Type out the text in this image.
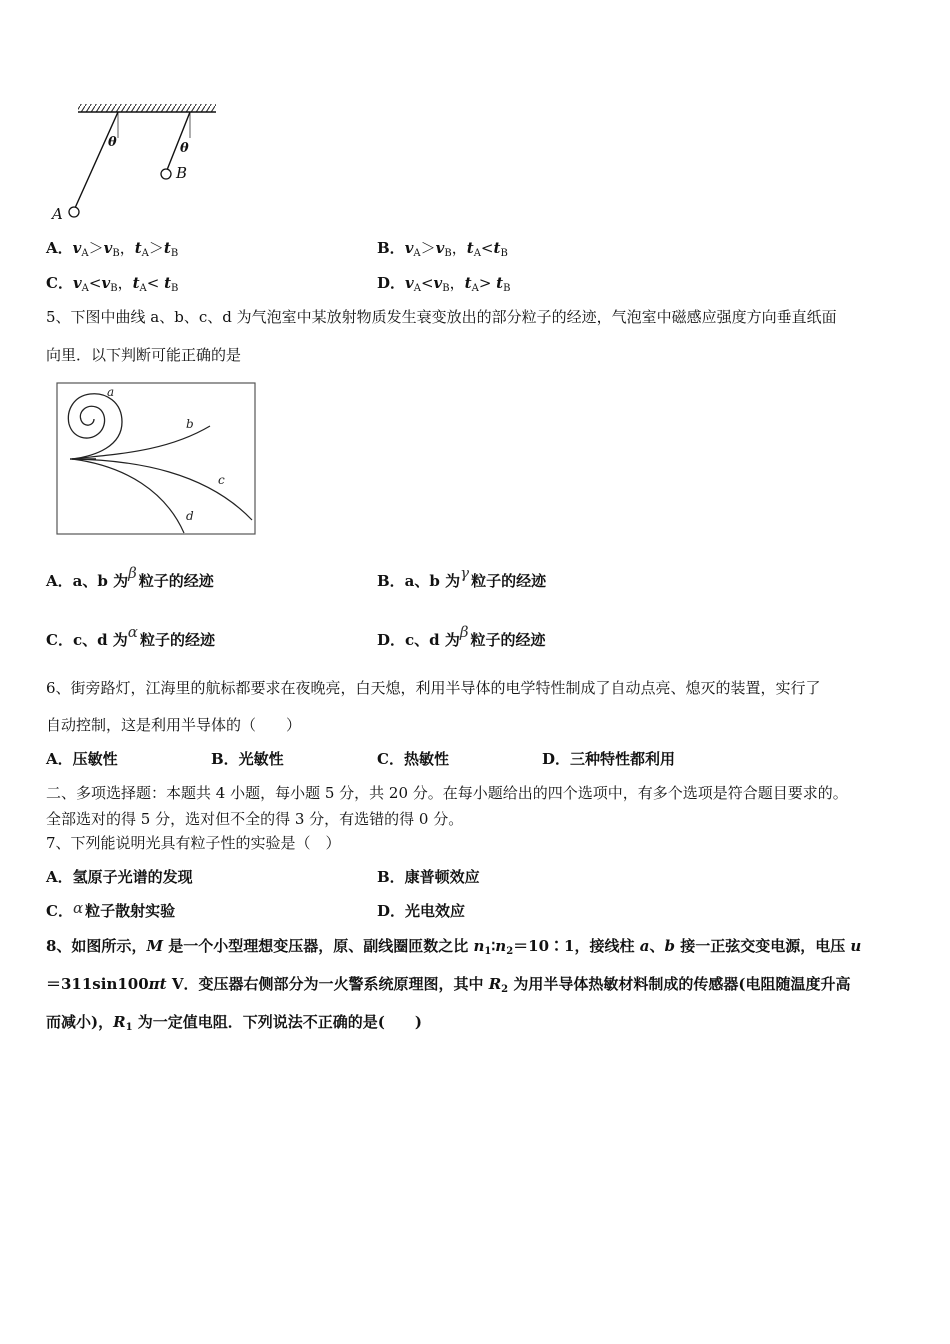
A
θ
B
θ
A．$v_A>v_B$，$t_A>t_B$	B．$v_A>v_B$，$t_A<t_B$
C．$v_A<v_B$，$t_A< t_B$	D．$v_A<v_B$，$t_A> t_B$
5、下图中曲线 a、b、c、d 为气泡室中某放射物质发生衰变放出的部分粒子的经迹，气泡室中磁感应强度方向垂直纸面
向里．以下判断可能正确的是
a
b
c
d
A．a、b 为β 粒子的经迹	B．a、b 为γ 粒子的经迹
C．c、d 为α 粒子的经迹	D．c、d 为β 粒子的经迹
6、街旁路灯，江海里的航标都要求在夜晚亮，白天熄，利用半导体的电学特性制成了自动点亮、熄灭的装置，实行了
自动控制，这是利用半导体的（　　）
A．压敏性	B．光敏性	C．热敏性	D．三种特性都利用
二、多项选择题：本题共 4 小题，每小题 5 分，共 20 分。在每小题给出的四个选项中，有多个选项是符合题目要求的。
全部选对的得 5 分，选对但不全的得 3 分，有选错的得 0 分。
7、下列能说明光具有粒子性的实验是（　）
A．氢原子光谱的发现	B．康普顿效应
C．α 粒子散射实验	D．光电效应
8、如图所示，M 是一个小型理想变压器，原、副线圈匝数之比 $n_1∶n_2=10∶1$，接线柱 a、b 接一正弦交变电源，电压 u
＝311sin100πt V．变压器右侧部分为一火警系统原理图，其中 $R_2$ 为用半导体热敏材料制成的传感器(电阻随温度升高
而减小)，$R_1$ 为一定值电阻．下列说法不正确的是(　　)
